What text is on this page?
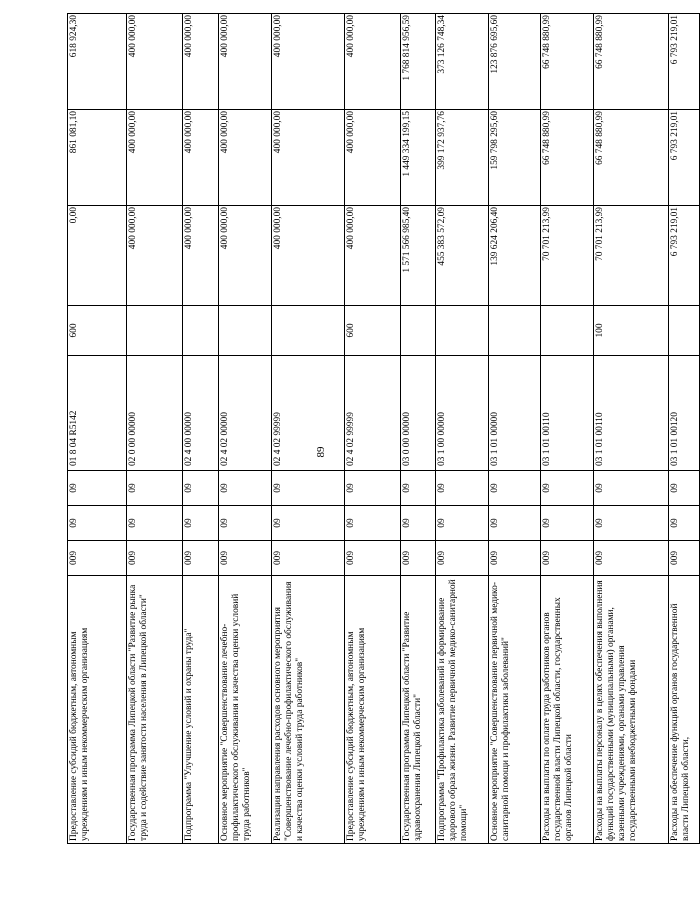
89
Предоставление субсидий бюджетным, автономным учреждениям и иным некоммерческим организациям	009	09	09	01 8 04 R5142	600	0,00	861 081,10	618 924,30
Государственная программа Липецкой области "Развитие рынка труда и содействие занятости населения в Липецкой области"	009	09	09	02 0 00 00000		400 000,00	400 000,00	400 000,00
Подпрограмма "Улучшение условий и охраны труда"	009	09	09	02 4 00 00000		400 000,00	400 000,00	400 000,00
Основное мероприятие "Совершенствование лечебно-профилактического обслуживания и качества оценки условий труда работников"	009	09	09	02 4 02 00000		400 000,00	400 000,00	400 000,00
Реализация направления расходов основного мероприятия "Совершенствование лечебно-профилактического обслуживания и качества оценки условий труда работников"	009	09	09	02 4 02 99999		400 000,00	400 000,00	400 000,00
Предоставление субсидий бюджетным, автономным учреждениям и иным некоммерческим организациям	009	09	09	02 4 02 99999	600	400 000,00	400 000,00	400 000,00
Государственная программа Липецкой области "Развитие здравоохранения Липецкой области"	009	09	09	03 0 00 00000		1 571 566 985,40	1 449 334 199,15	1 768 814 956,59
Подпрограмма "Профилактика заболеваний и формирование здорового образа жизни. Развитие первичной медико-санитарной помощи"	009	09	09	03 1 00 00000		455 383 572,09	399 172 937,76	373 126 748,34
Основное мероприятие "Совершенствование первичной медико-санитарной помощи и профилактики заболеваний"	009	09	09	03 1 01 00000		139 624 206,40	159 798 295,60	123 876 695,60
Расходы на выплаты по оплате труда работников органов государственной власти Липецкой области, государственных органов Липецкой области	009	09	09	03 1 01 00110		70 701 213,99	66 748 880,99	66 748 880,99
Расходы на выплаты персоналу в целях обеспечения выполнения функций государственными (муниципальными) органами, казенными учреждениями, органами управления государственными внебюджетными фондами	009	09	09	03 1 01 00110	100	70 701 213,99	66 748 880,99	66 748 880,99
Расходы на обеспечение функций органов государственной власти Липецкой области,	009	09	09	03 1 01 00120		6 793 219,01	6 793 219,01	6 793 219,01
